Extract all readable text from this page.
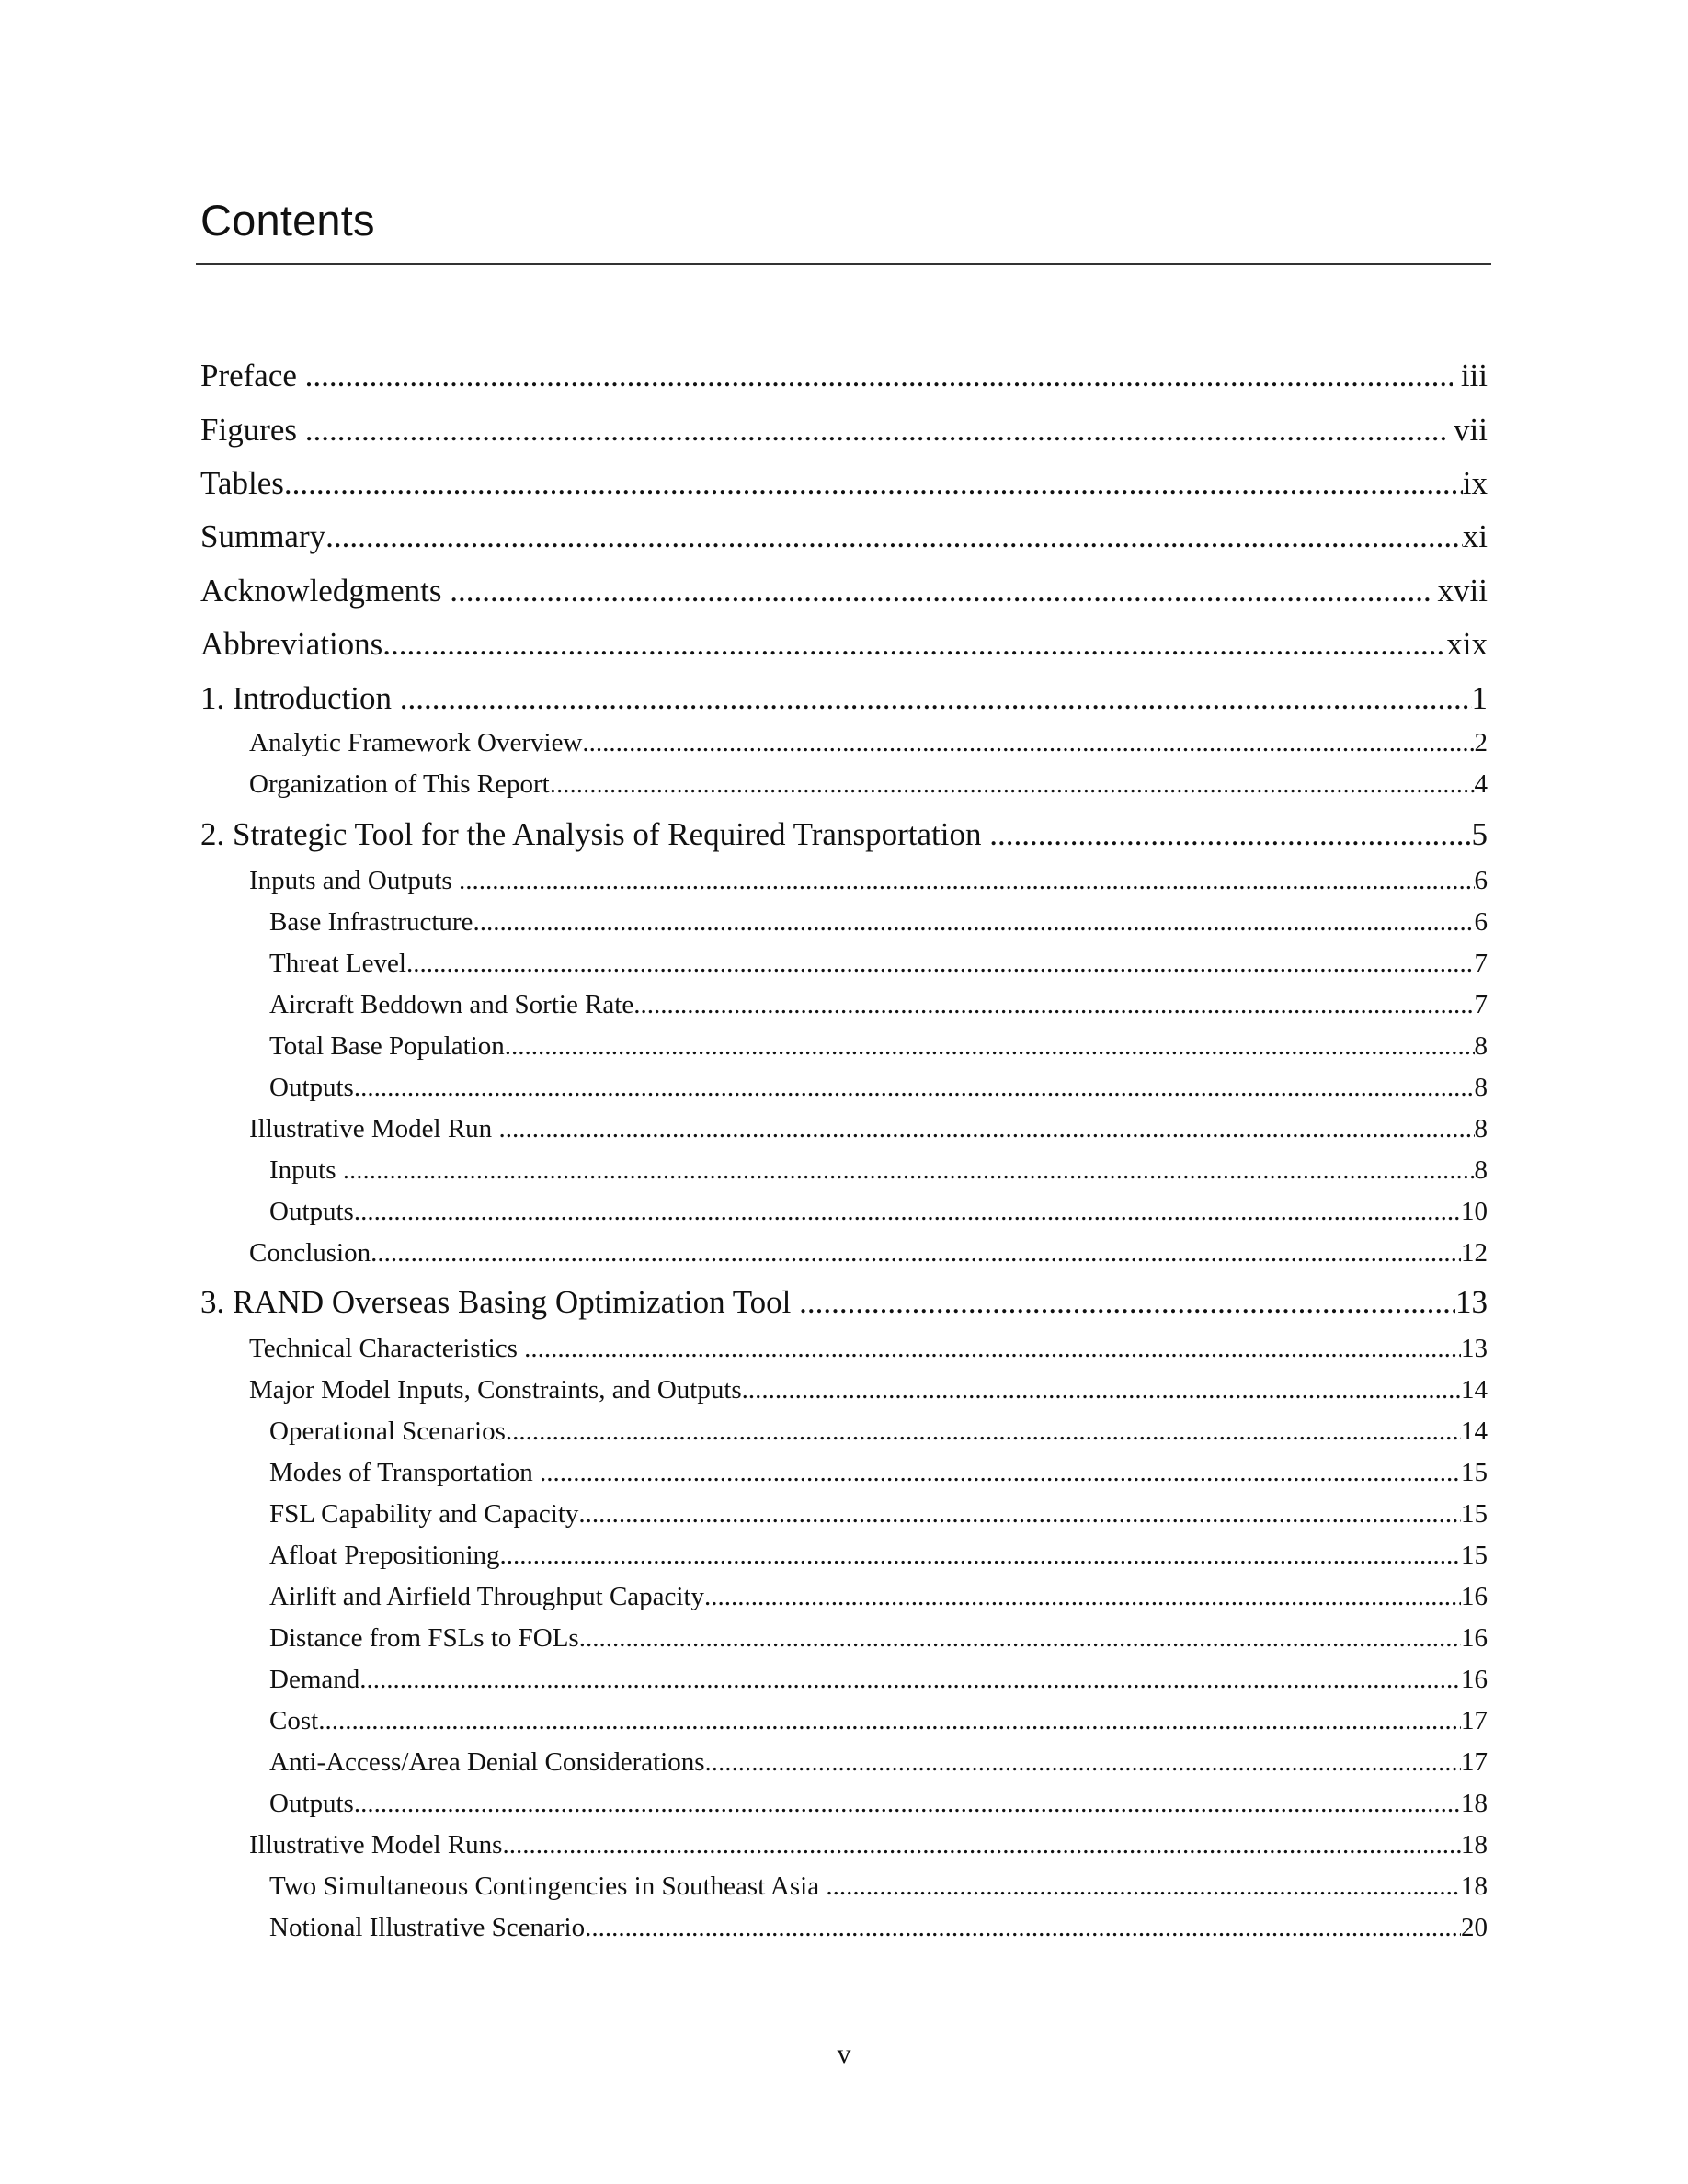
Contents
Preface .....	iii
Figures .....	vii
Tables .....	ix
Summary .....	xi
Acknowledgments .....	xvii
Abbreviations .....	xix
1. Introduction .....	1
Analytic Framework Overview .....	2
Organization of This Report .....	4
2. Strategic Tool for the Analysis of Required Transportation .....	5
Inputs and Outputs .....	6
Base Infrastructure .....	6
Threat Level .....	7
Aircraft Beddown and Sortie Rate .....	7
Total Base Population .....	8
Outputs .....	8
Illustrative Model Run .....	8
Inputs .....	8
Outputs .....	10
Conclusion .....	12
3. RAND Overseas Basing Optimization Tool .....	13
Technical Characteristics .....	13
Major Model Inputs, Constraints, and Outputs .....	14
Operational Scenarios .....	14
Modes of Transportation .....	15
FSL Capability and Capacity .....	15
Afloat Prepositioning .....	15
Airlift and Airfield Throughput Capacity .....	16
Distance from FSLs to FOLs .....	16
Demand .....	16
Cost .....	17
Anti-Access/Area Denial Considerations .....	17
Outputs .....	18
Illustrative Model Runs .....	18
Two Simultaneous Contingencies in Southeast Asia .....	18
Notional Illustrative Scenario .....	20
v
